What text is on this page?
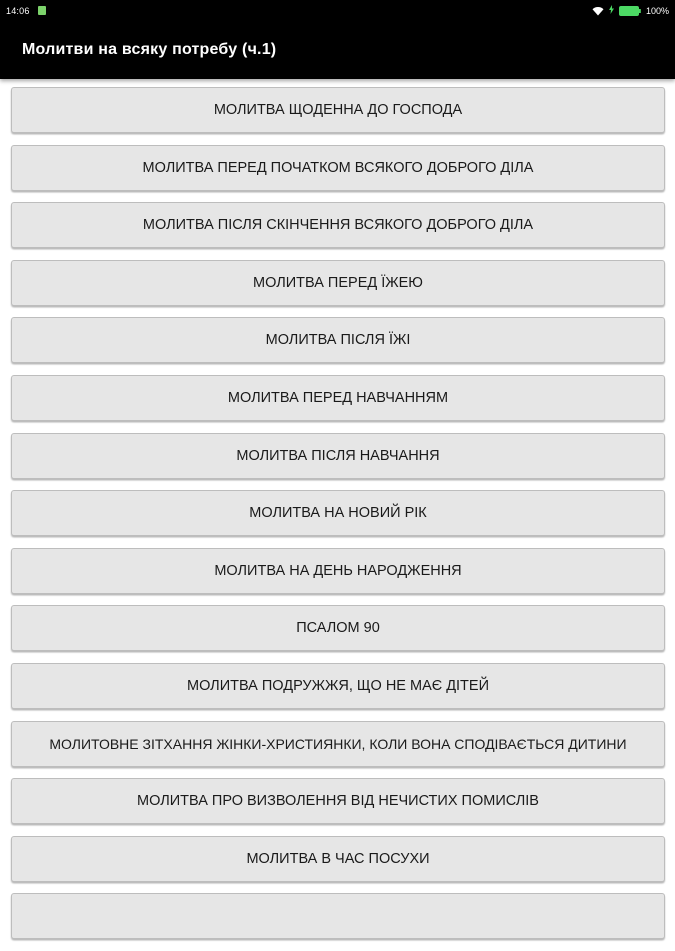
14:06	100%
Молитви на всяку потребу (ч.1)
МОЛИТВА ЩОДЕННА ДО ГОСПОДА
МОЛИТВА ПЕРЕД ПОЧАТКОМ ВСЯКОГО ДОБРОГО ДІЛА
МОЛИТВА ПІСЛЯ СКІНЧЕННЯ ВСЯКОГО ДОБРОГО ДІЛА
МОЛИТВА ПЕРЕД ЇЖЕЮ
МОЛИТВА ПІСЛЯ ЇЖІ
МОЛИТВА ПЕРЕД НАВЧАННЯМ
МОЛИТВА ПІСЛЯ НАВЧАННЯ
МОЛИТВА НА НОВИЙ РІК
МОЛИТВА НА ДЕНЬ НАРОДЖЕННЯ
ПСАЛОМ 90
МОЛИТВА ПОДРУЖЖЯ, ЩО НЕ МАЄ ДІТЕЙ
МОЛИТОВНЕ ЗІТХАННЯ ЖІНКИ-ХРИСТИЯНКИ, КОЛИ ВОНА СПОДІВАЄТЬСЯ ДИТИНИ
МОЛИТВА ПРО ВИЗВОЛЕННЯ ВІД НЕЧИСТИХ ПОМИСЛІВ
МОЛИТВА В ЧАС ПОСУХИ
